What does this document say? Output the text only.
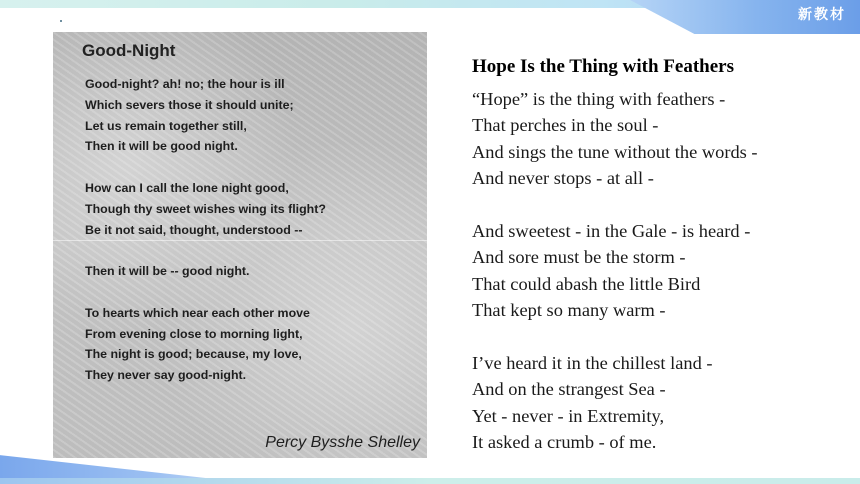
新教材
Good-Night
Good-night? ah! no; the hour is ill
Which severs those it should unite;
Let us remain together still,
Then it will be good night.
How can I call the lone night good,
Though thy sweet wishes wing its flight?
Be it not said, thought, understood --
Then it will be -- good night.
To hearts which near each other move
From evening close to morning light,
The night is good; because, my love,
They never say good-night.
Percy Bysshe Shelley
Hope Is the Thing with Feathers
“Hope” is the thing with feathers -
That perches in the soul -
And sings the tune without the words -
And never stops - at all -
And sweetest - in the Gale - is heard -
And sore must be the storm -
That could abash the little Bird
That kept so many warm -
I’ve heard it in the chillest land -
And on the strangest Sea -
Yet - never - in Extremity,
It asked a crumb - of me.
